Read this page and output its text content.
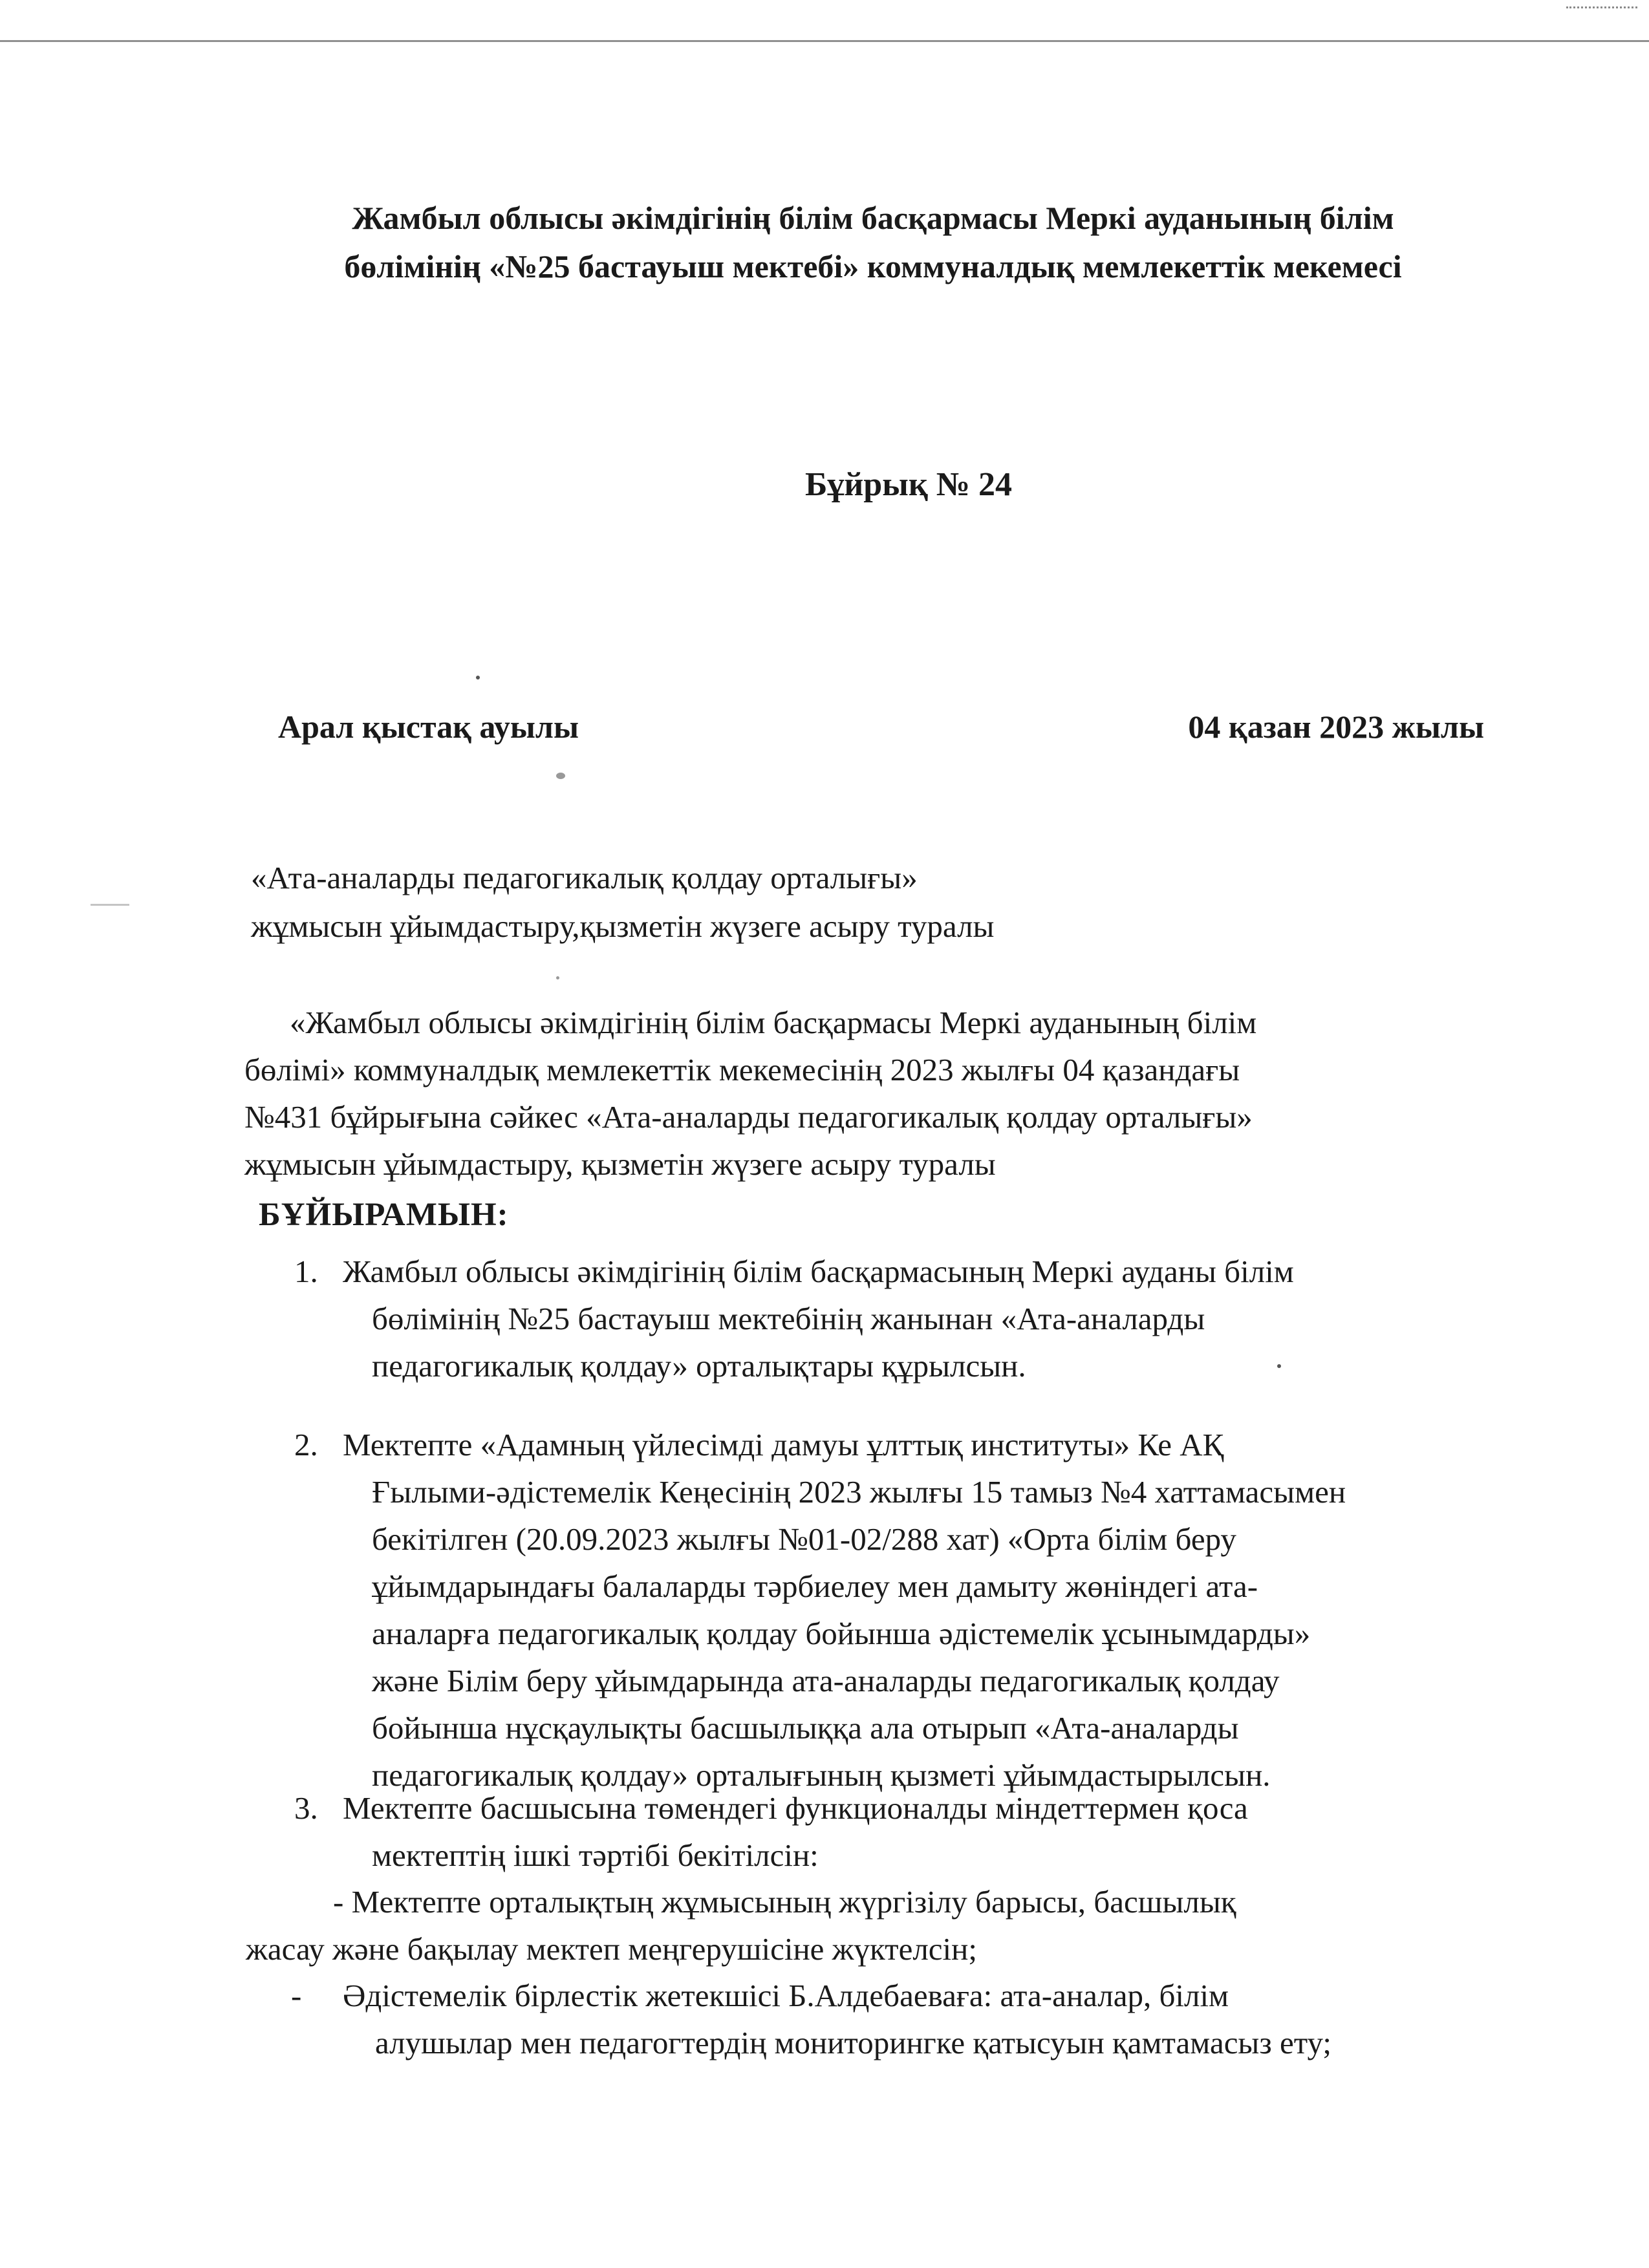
Жамбыл облысы әкімдігінің білім басқармасы Меркі ауданының білім
бөлімінің «№25 бастауыш мектебі» коммуналдық мемлекеттік мекемесі
Бұйрық № 24
Арал қыстақ ауылы	04 қазан 2023 жылы
«Ата-аналарды педагогикалық қолдау орталығы»
жұмысын ұйымдастыру,қызметін жүзеге асыру туралы
«Жамбыл облысы әкімдігінің білім басқармасы Меркі ауданының білім
бөлімі» коммуналдық мемлекеттік мекемесінің 2023 жылғы 04 қазандағы
№431 бұйрығына сәйкес «Ата-аналарды педагогикалық қолдау орталығы»
жұмысын ұйымдастыру, қызметін жүзеге асыру туралы
БҰЙЫРАМЫН:
1. Жамбыл облысы әкімдігінің білім басқармасының Меркі ауданы білім
бөлімінің №25 бастауыш мектебінің жанынан «Ата-аналарды
педагогикалық қолдау» орталықтары құрылсын.
2. Мектепте «Адамның үйлесімді дамуы ұлттық институты» Ке АҚ
Ғылыми-әдістемелік Кеңесінің 2023 жылғы 15 тамыз №4 хаттамасымен
бекітілген (20.09.2023 жылғы №01-02/288 хат) «Орта білім беру
ұйымдарындағы балаларды тәрбиелеу мен дамыту жөніндегі ата-
аналарға педагогикалық қолдау бойынша әдістемелік ұсынымдарды»
және Білім беру ұйымдарында ата-аналарды педагогикалық қолдау
бойынша нұсқаулықты басшылыққа ала отырып «Ата-аналарды
педагогикалық қолдау» орталығының қызметі ұйымдастырылсын.
3. Мектепте басшысына төмендегі функционалды міндеттермен қоса
мектептің ішкі тәртібі бекітілсін:
- Мектепте орталықтың жұмысының жүргізілу барысы, басшылық
жасау және бақылау мектеп меңгерушісіне жүктелсін;
-	Әдістемелік бірлестік жетекшісі Б.Алдебаеваға: ата-аналар, білім
алушылар мен педагогтердің мониторингке қатысуын қамтамасыз ету;
